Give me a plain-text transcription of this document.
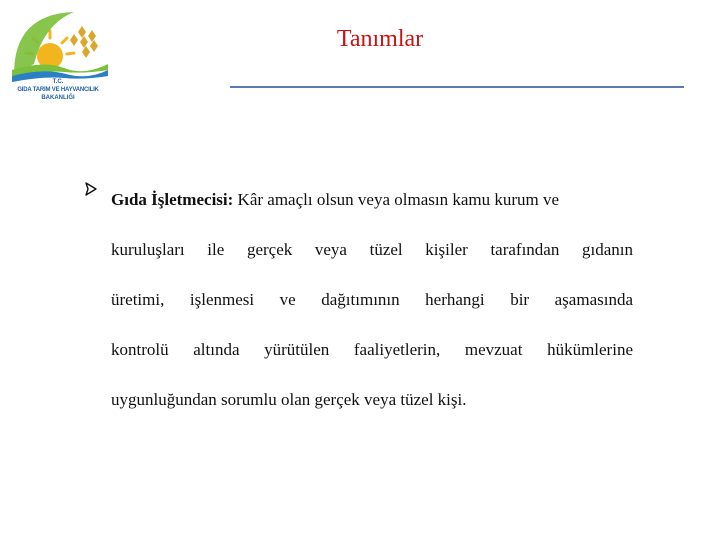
T.C.
GIDA TARIM VE HAYVANCILIK
BAKANLIĞI
Tanımlar
Gıda İşletmecisi: Kâr amaçlı olsun veya olmasın kamu kurum ve
kuruluşları ile gerçek veya tüzel kişiler tarafından gıdanın
üretimi, işlenmesi ve dağıtımının herhangi bir aşamasında
kontrolü altında yürütülen faaliyetlerin, mevzuat hükümlerine
uygunluğundan sorumlu olan gerçek veya tüzel kişi.
